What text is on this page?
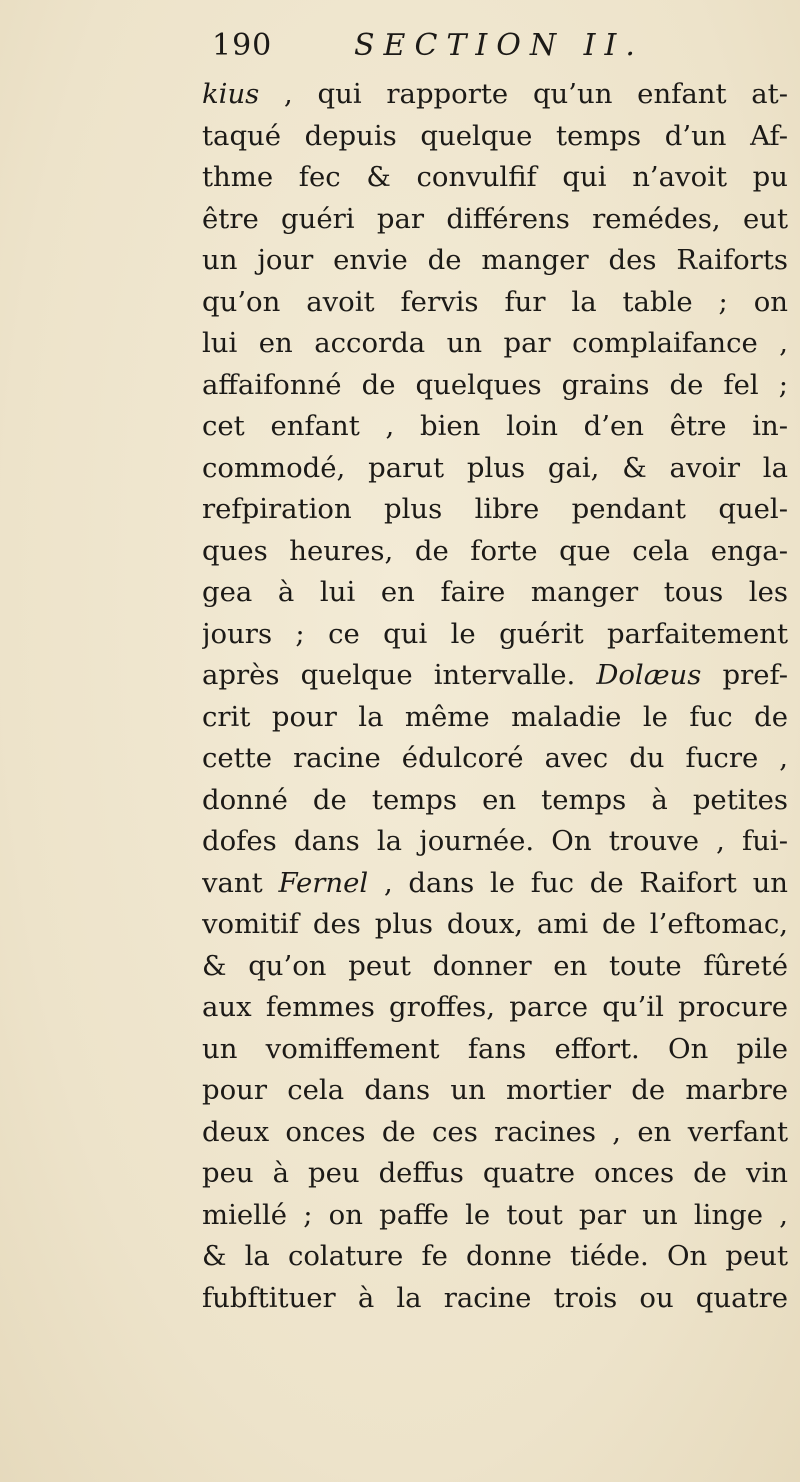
190	SECTION II.
kius , qui rapporte qu’un enfant at-
taqué depuis quelque temps d’un Af-
thme fec & convulfif qui n’avoit pu
être guéri par différens remédes, eut
un jour envie de manger des Raiforts
qu’on avoit fervis fur la table ; on
lui en accorda un par complaifance ,
affaifonné de quelques grains de fel ;
cet enfant , bien loin d’en être in-
commodé, parut plus gai, & avoir la
refpiration plus libre pendant quel-
ques heures, de forte que cela enga-
gea à lui en faire manger tous les
jours ; ce qui le guérit parfaitement
après quelque intervalle. Dolæus pref-
crit pour la même maladie le fuc de
cette racine édulcoré avec du fucre ,
donné de temps en temps à petites
dofes dans la journée. On trouve , fui-
vant Fernel , dans le fuc de Raifort un
vomitif des plus doux, ami de l’eftomac,
& qu’on peut donner en toute fûreté
aux femmes groffes, parce qu’il procure
un vomiffement fans effort. On pile
pour cela dans un mortier de marbre
deux onces de ces racines , en verfant
peu à peu deffus quatre onces de vin
miellé ; on paffe le tout par un linge ,
& la colature fe donne tiéde. On peut
fubftituer à la racine trois ou quatre
